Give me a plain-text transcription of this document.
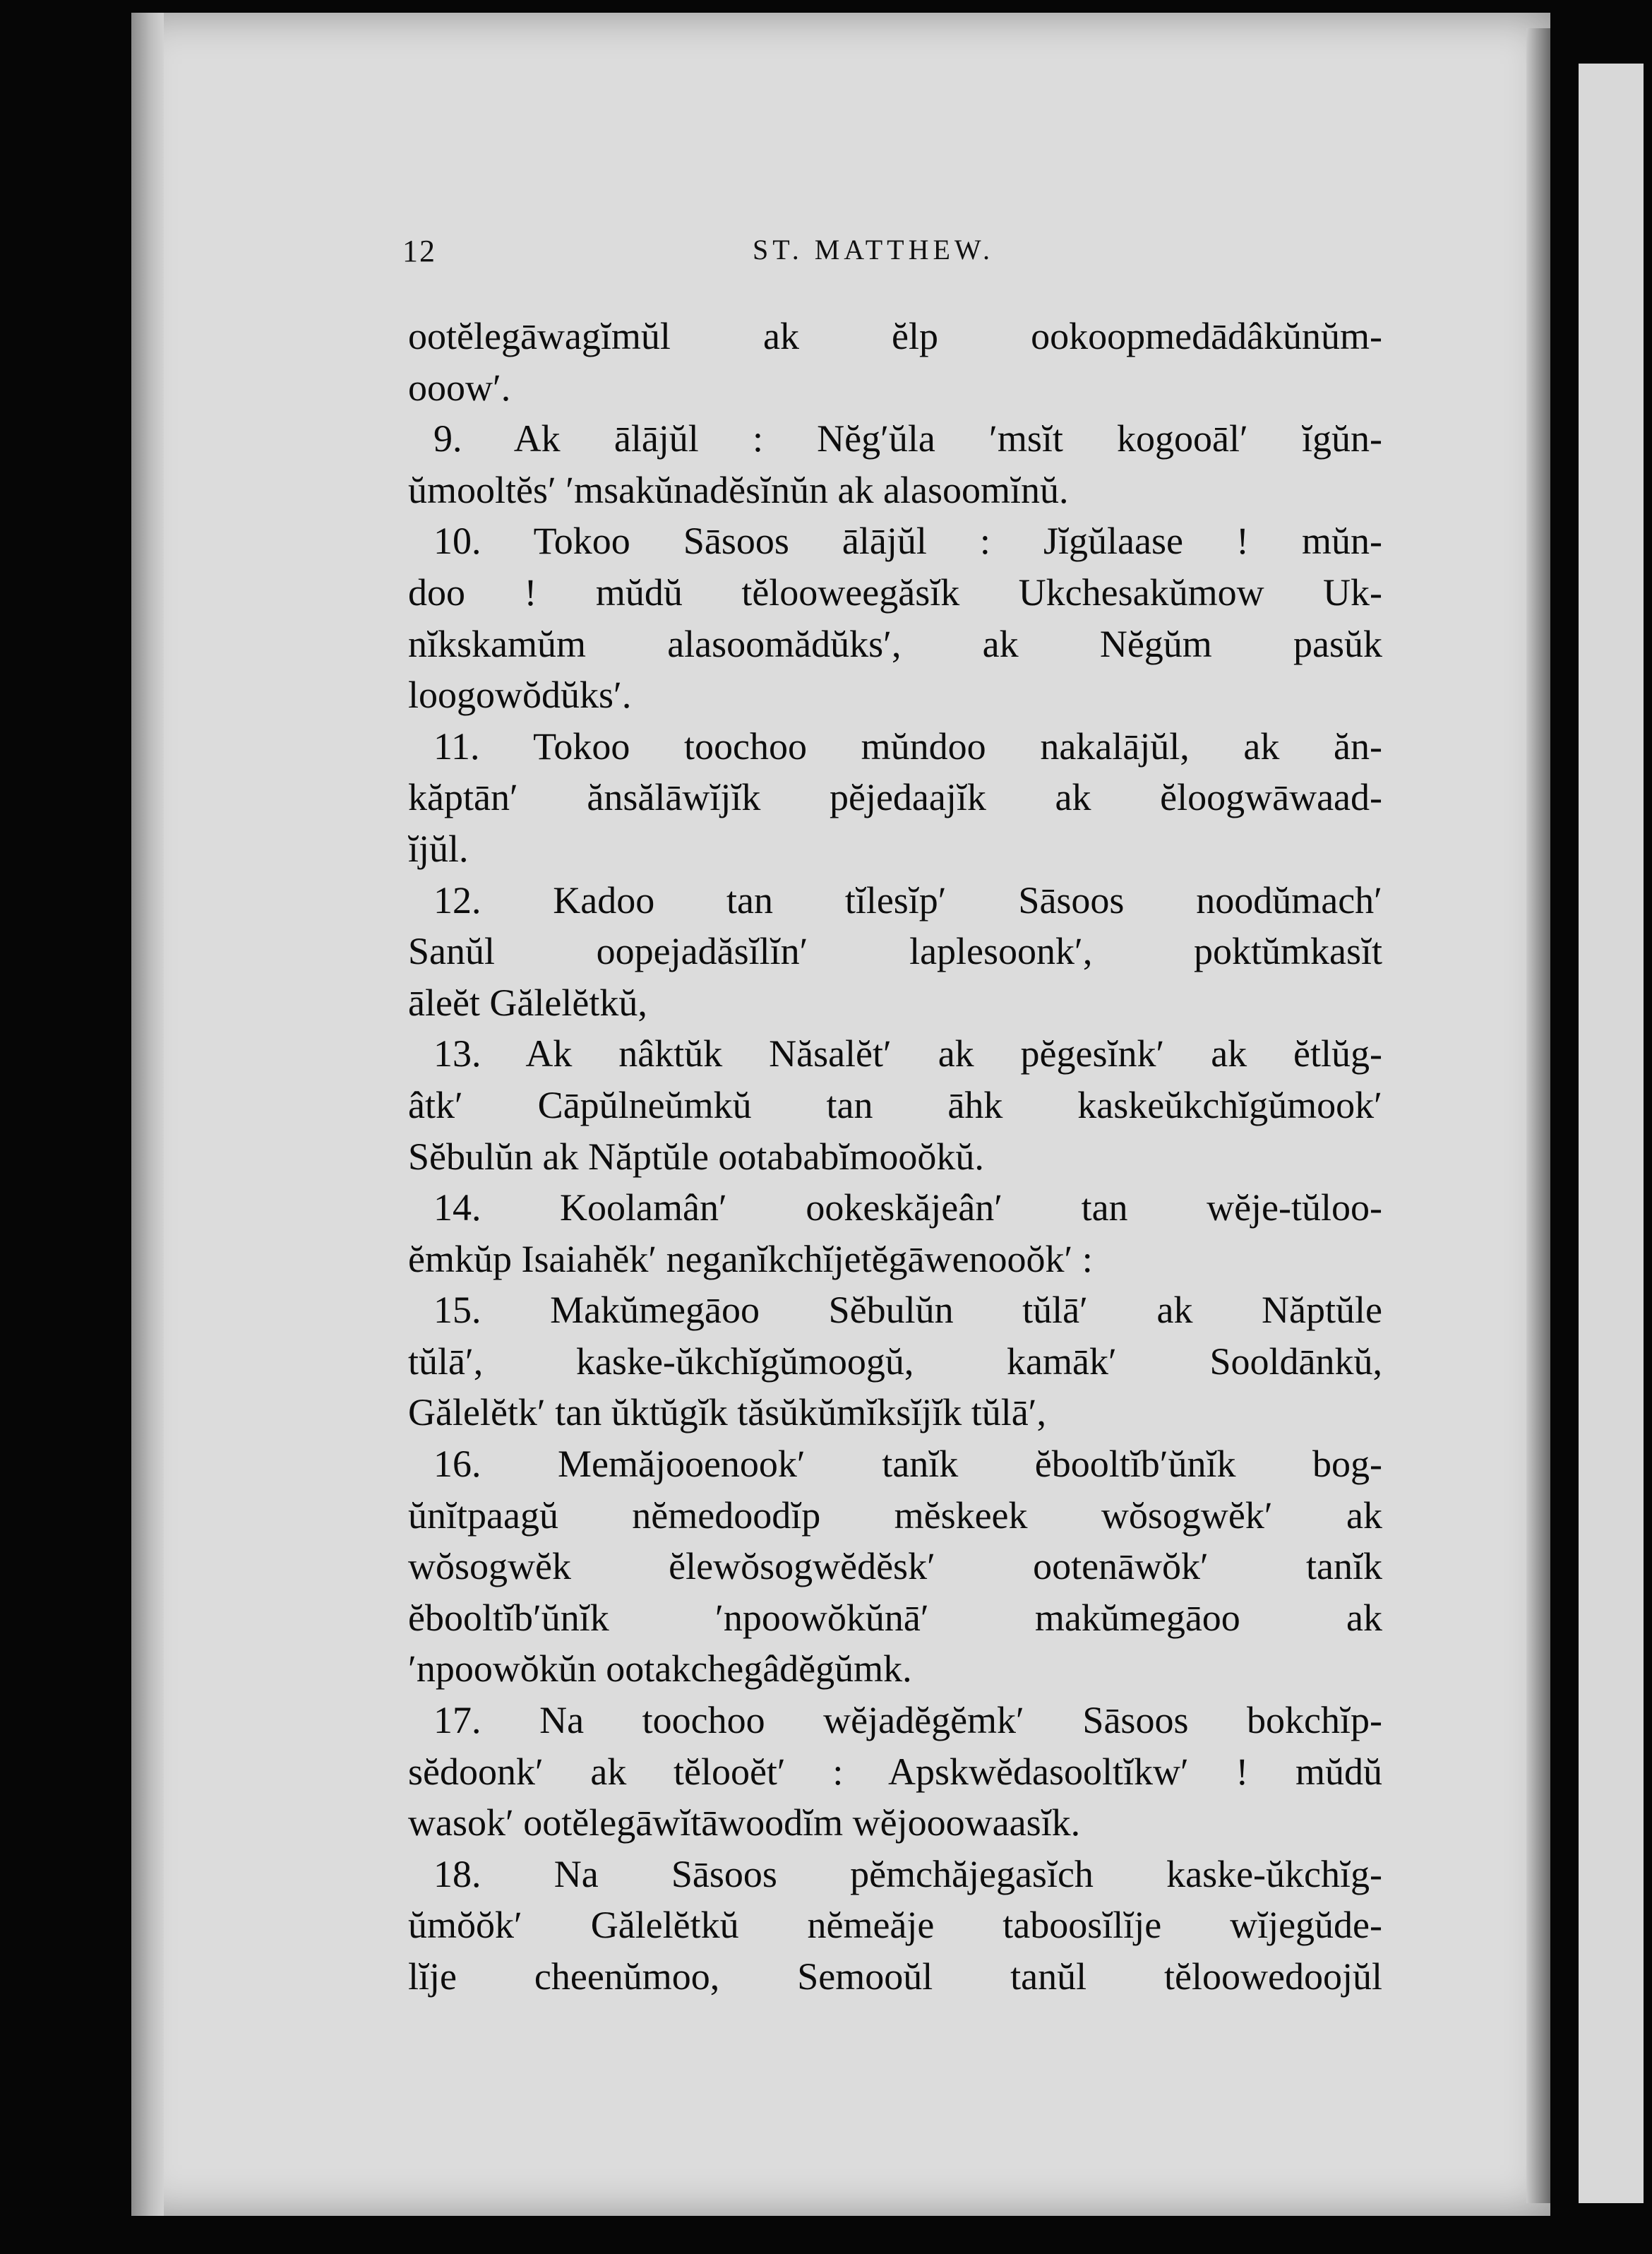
12	ST. MATTHEW.
ootĕlegāwagĭmŭl ak ĕlp ookoopmedādâkŭnŭm-
ooow′.
9. Ak ālājŭl : Nĕg′ŭla ′msĭt kogooāl′ ĭgŭn-
ŭmooltĕs′ ′msakŭnadĕsĭnŭn ak alasoomĭnŭ.
10. Tokoo Sāsoos ālājŭl : Jĭgŭlaase ! mŭn-
doo ! mŭdŭ tĕlooweegăsĭk Ukchesakŭmow Uk-
nĭkskamŭm alasoomădŭks′, ak Nĕgŭm pasŭk
loogowŏdŭks′.
11. Tokoo toochoo mŭndoo nakalājŭl, ak ăn-
kăptān′ ănsălāwĭjĭk pĕjedaajĭk ak ĕloogwāwaad-
ĭjŭl.
12. Kadoo tan tĭlesĭp′ Sāsoos noodŭmach′
Sanŭl oopejadăsĭlĭn′ laplesoonk′, poktŭmkasĭt
āleĕt Gălelĕtkŭ,
13. Ak nâktŭk Năsalĕt′ ak pĕgesĭnk′ ak ĕtlŭg-
âtk′ Cāpŭlneŭmkŭ tan āhk kaskeŭkchĭgŭmook′
Sĕbulŭn ak Năptŭle ootababĭmooŏkŭ.
14. Koolamân′ ookeskăjeân′ tan wĕje-tŭloo-
ĕmkŭp Isaiahĕk′ neganĭkchĭjetĕgāwenooŏk′ :
15. Makŭmegāoo Sĕbulŭn tŭlā′ ak Năptŭle
tŭlā′, kaske-ŭkchĭgŭmoogŭ, kamāk′ Sooldānkŭ,
Gălelĕtk′ tan ŭktŭgĭk tăsŭkŭmĭksĭjĭk tŭlā′,
16. Memăjooenook′ tanĭk ĕbooltĭb′ŭnĭk bog-
ŭnĭtpaagŭ nĕmedoodĭp mĕskeek wŏsogwĕk′ ak
wŏsogwĕk ĕlewŏsogwĕdĕsk′ ootenāwŏk′ tanĭk
ĕbooltĭb′ŭnĭk ′npoowŏkŭnā′ makŭmegāoo ak
′npoowŏkŭn ootakchegâdĕgŭmk.
17. Na toochoo wĕjadĕgĕmk′ Sāsoos bokchĭp-
sĕdoonk′ ak tĕlooĕt′ : Apskwĕdasooltĭkw′ ! mŭdŭ
wasok′ ootĕlegāwĭtāwoodĭm wĕjooowaasĭk.
18. Na Sāsoos pĕmchăjegasĭch kaske-ŭkchĭg-
ŭmŏŏk′ Gălelĕtkŭ nĕmeăje taboosĭlĭje wĭjegŭde-
lĭje cheenŭmoo, Semooŭl tanŭl tĕloowedoojŭl
